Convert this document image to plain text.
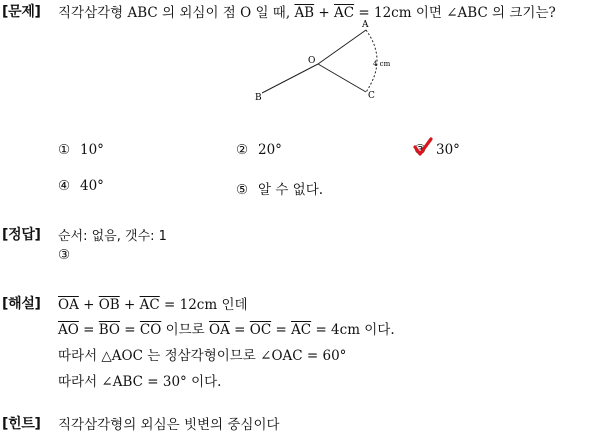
[문제] 직각삼각형 ABC 의 외심이 점 O 일 때, $\overline{AB} + \overline{AC} = 12cm$ 이면 ∠ABC 의 크기는?
A
O
B	C
4 cm
① 10°	② 20°	③ 30°
④ 40°	⑤ 알 수 없다.
[정답] 순서: 없음, 갯수: 1
③
[해설] $\overline{OA} + \overline{OB} + \overline{AC} = 12cm$ 인데
$\overline{AO} = \overline{BO} = \overline{CO}$ 이므로 $\overline{OA} = \overline{OC} = \overline{AC} = 4cm$ 이다.
따라서 △AOC 는 정삼각형이므로 ∠OAC = 60°
따라서 ∠ABC = 30° 이다.
[힌트] 직각삼각형의 외심은 빗변의 중심이다
